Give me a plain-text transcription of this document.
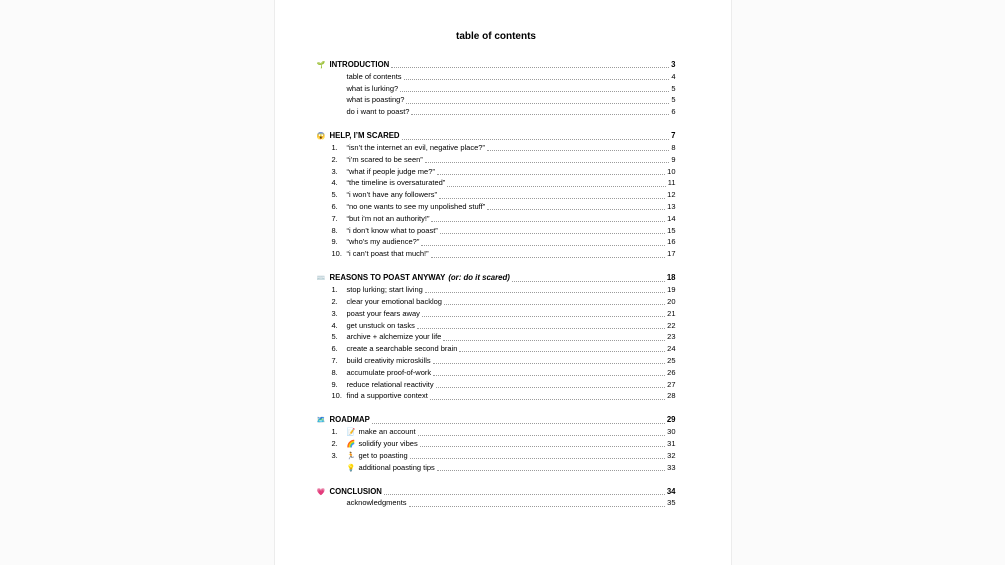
table of contents
🌱 INTRODUCTION	3
table of contents	4
what is lurking?	5
what is poasting?	5
do i want to poast?	6
😱 HELP, I’M SCARED	7
1.	“isn’t the internet an evil, negative place?”	8
2.	“i’m scared to be seen”	9
3.	“what if people judge me?”	10
4.	“the timeline is oversaturated”	11
5.	“i won’t have any followers”	12
6.	“no one wants to see my unpolished stuff”	13
7.	“but i’m not an authority!”	14
8.	“i don’t know what to poast”	15
9.	“who’s my audience?”	16
10. “i can’t poast that much!”	17
⌨️ REASONS TO POAST ANYWAY (or: do it scared)	18
1.	stop lurking; start living	19
2.	clear your emotional backlog	20
3.	poast your fears away	21
4.	get unstuck on tasks	22
5.	archive + alchemize your life	23
6.	create a searchable second brain	24
7.	build creativity microskills	25
8.	accumulate proof-of-work	26
9.	reduce relational reactivity	27
10. find a supportive context	28
🗺️ ROADMAP	29
1.	📝 make an account	30
2.	🌈 solidify your vibes	31
3.	🏃 get to poasting	32
💡 additional poasting tips	33
💗 CONCLUSION	34
acknowledgments	35
